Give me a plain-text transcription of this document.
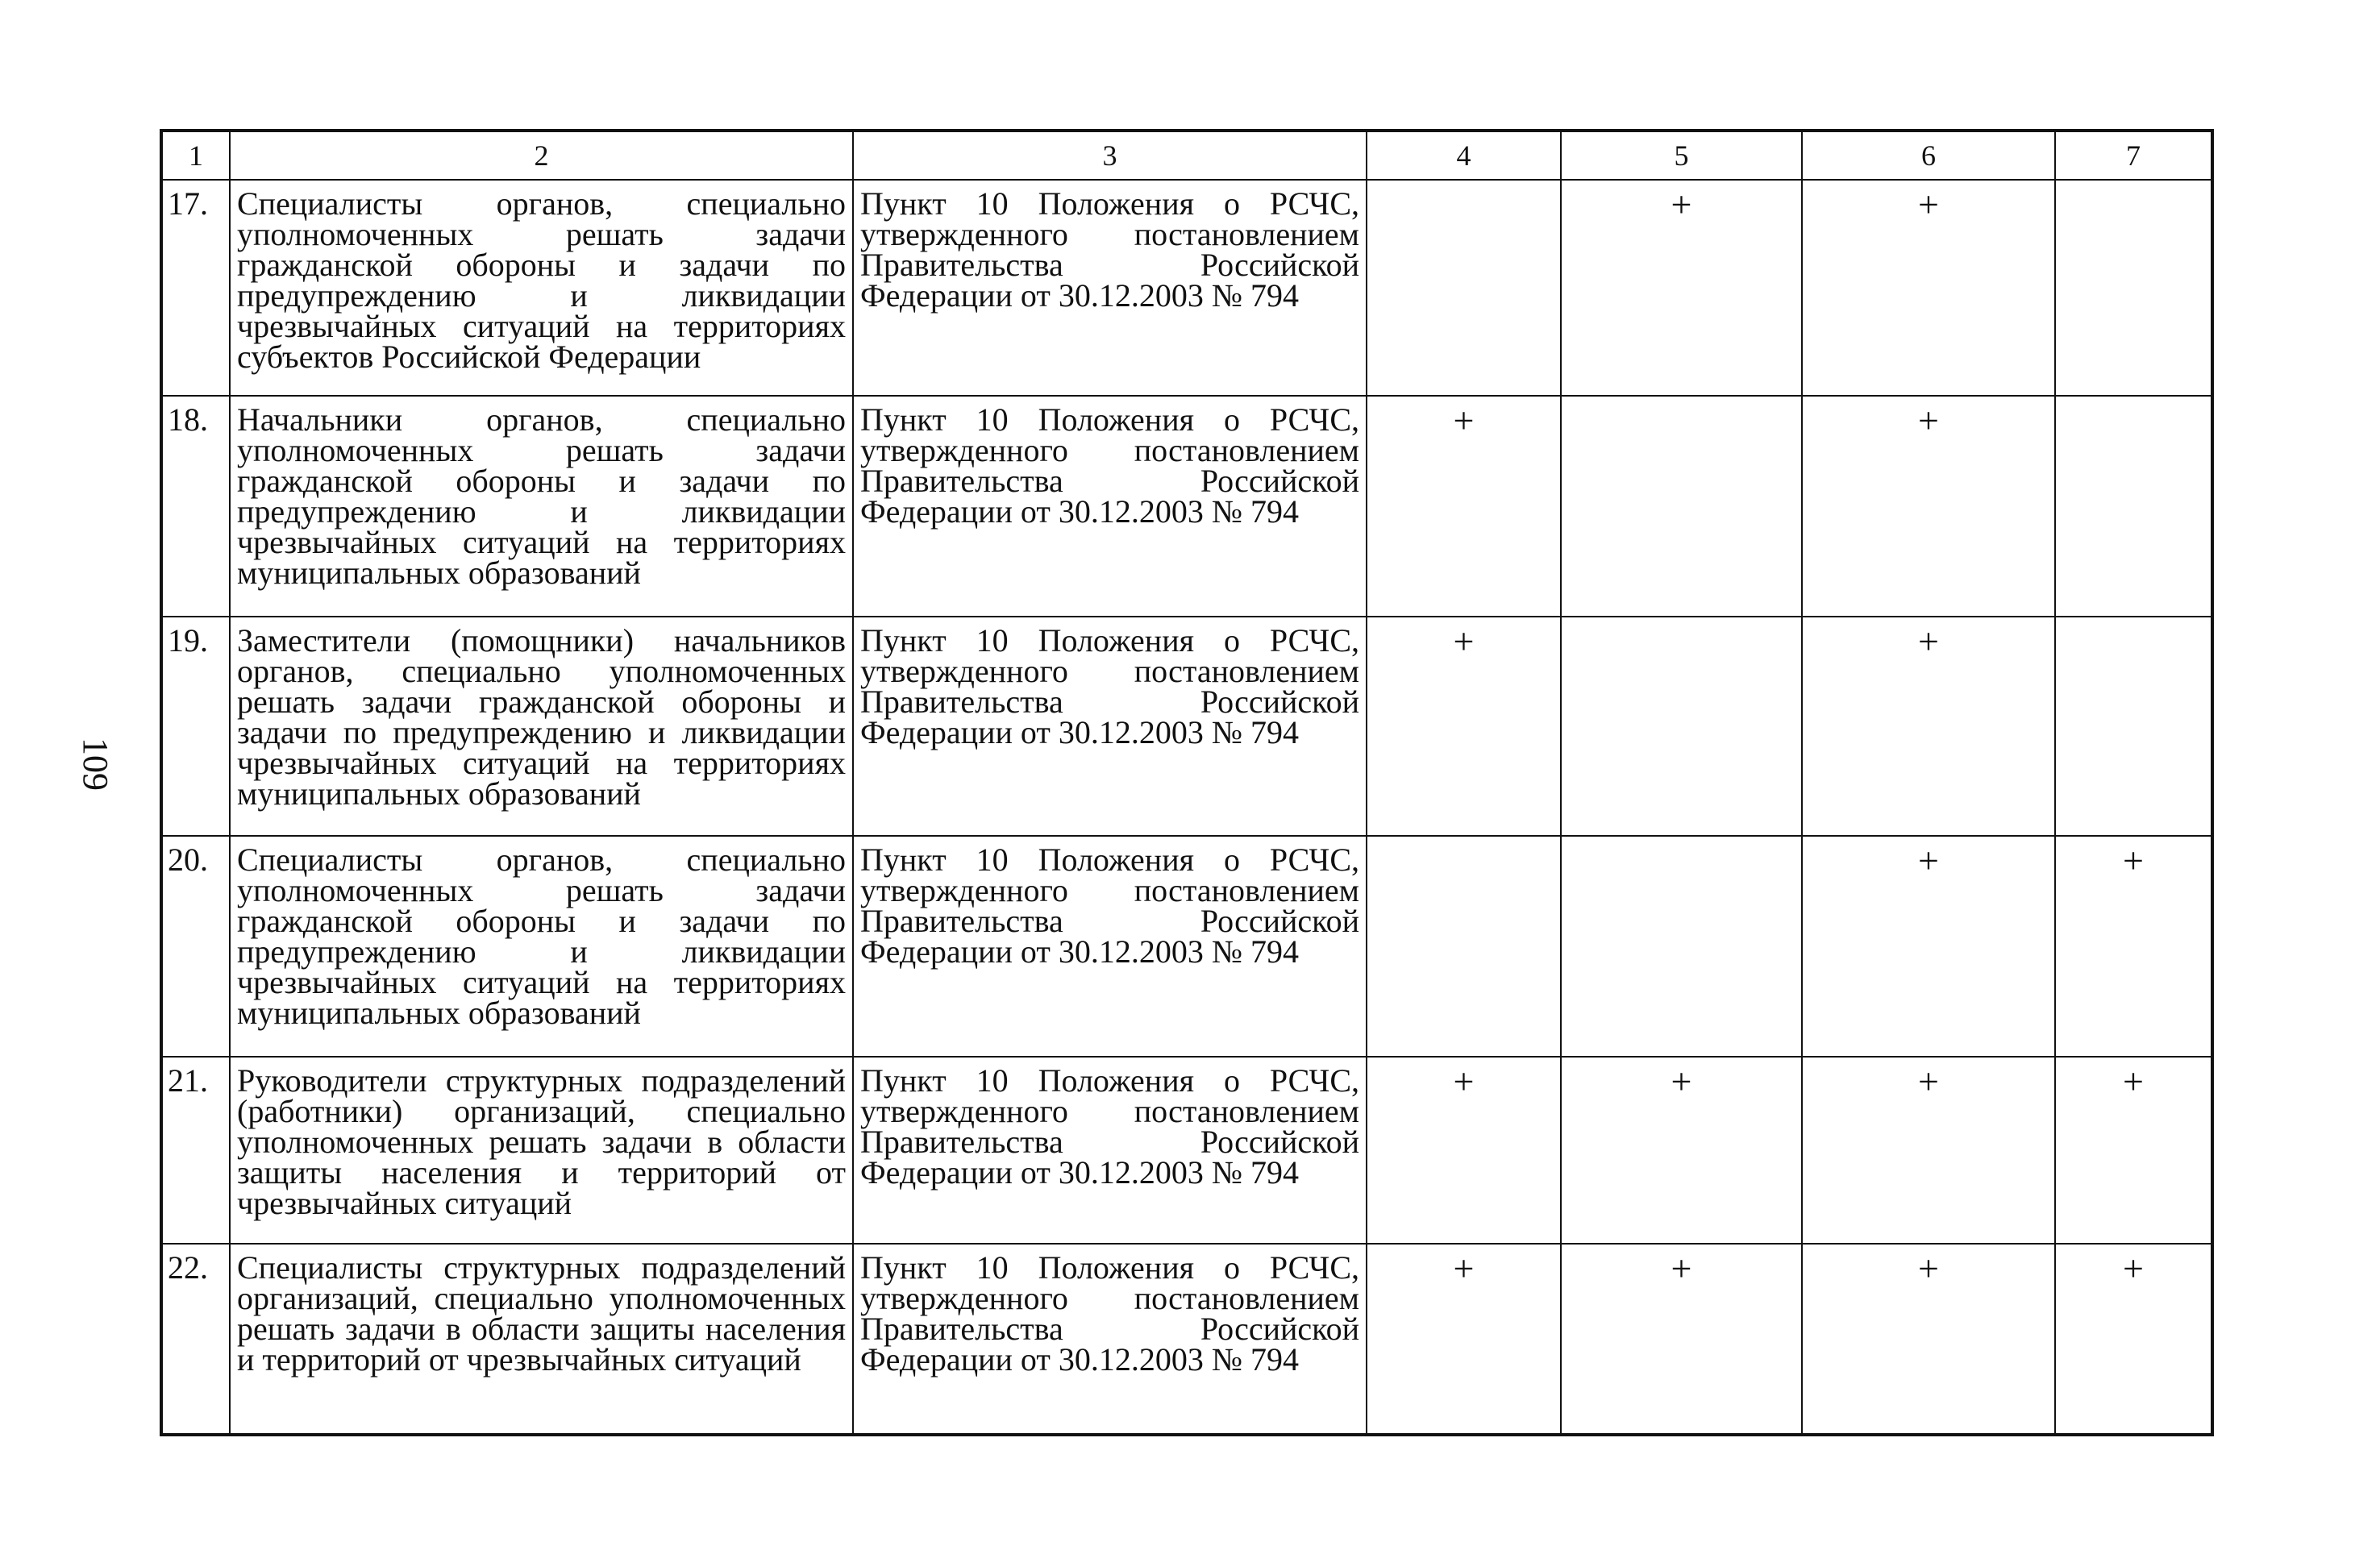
109
1	2	3	4	5	6	7
17.	Специалисты органов, специально уполномоченных решать задачи гражданской обороны и задачи по предупреждению и ликвидации чрезвычайных ситуаций на территориях субъектов Российской Федерации	Пункт 10 Положения о РСЧС, утвержденного постановлением Правительства Российской Федерации от 30.12.2003 № 794		+	+	
18.	Начальники органов, специально уполномоченных решать задачи гражданской обороны и задачи по предупреждению и ликвидации чрезвычайных ситуаций на территориях муниципальных образований	Пункт 10 Положения о РСЧС, утвержденного постановлением Правительства Российской Федерации от 30.12.2003 № 794	+		+	
19.	Заместители (помощники) начальников органов, специально уполномоченных решать задачи гражданской обороны и задачи по предупреждению и ликвидации чрезвычайных ситуаций на территориях муниципальных образований	Пункт 10 Положения о РСЧС, утвержденного постановлением Правительства Российской Федерации от 30.12.2003 № 794	+		+	
20.	Специалисты органов, специально уполномоченных решать задачи гражданской обороны и задачи по предупреждению и ликвидации чрезвычайных ситуаций на территориях муниципальных образований	Пункт 10 Положения о РСЧС, утвержденного постановлением Правительства Российской Федерации от 30.12.2003 № 794			+	+
21.	Руководители структурных подразделений (работники) организаций, специально уполномоченных решать задачи в области защиты населения и территорий от чрезвычайных ситуаций	Пункт 10 Положения о РСЧС, утвержденного постановлением Правительства Российской Федерации от 30.12.2003 № 794	+	+	+	+
22.	Специалисты структурных подразделений организаций, специально уполномоченных решать задачи в области защиты населения и территорий от чрезвычайных ситуаций	Пункт 10 Положения о РСЧС, утвержденного постановлением Правительства Российской Федерации от 30.12.2003 № 794	+	+	+	+
